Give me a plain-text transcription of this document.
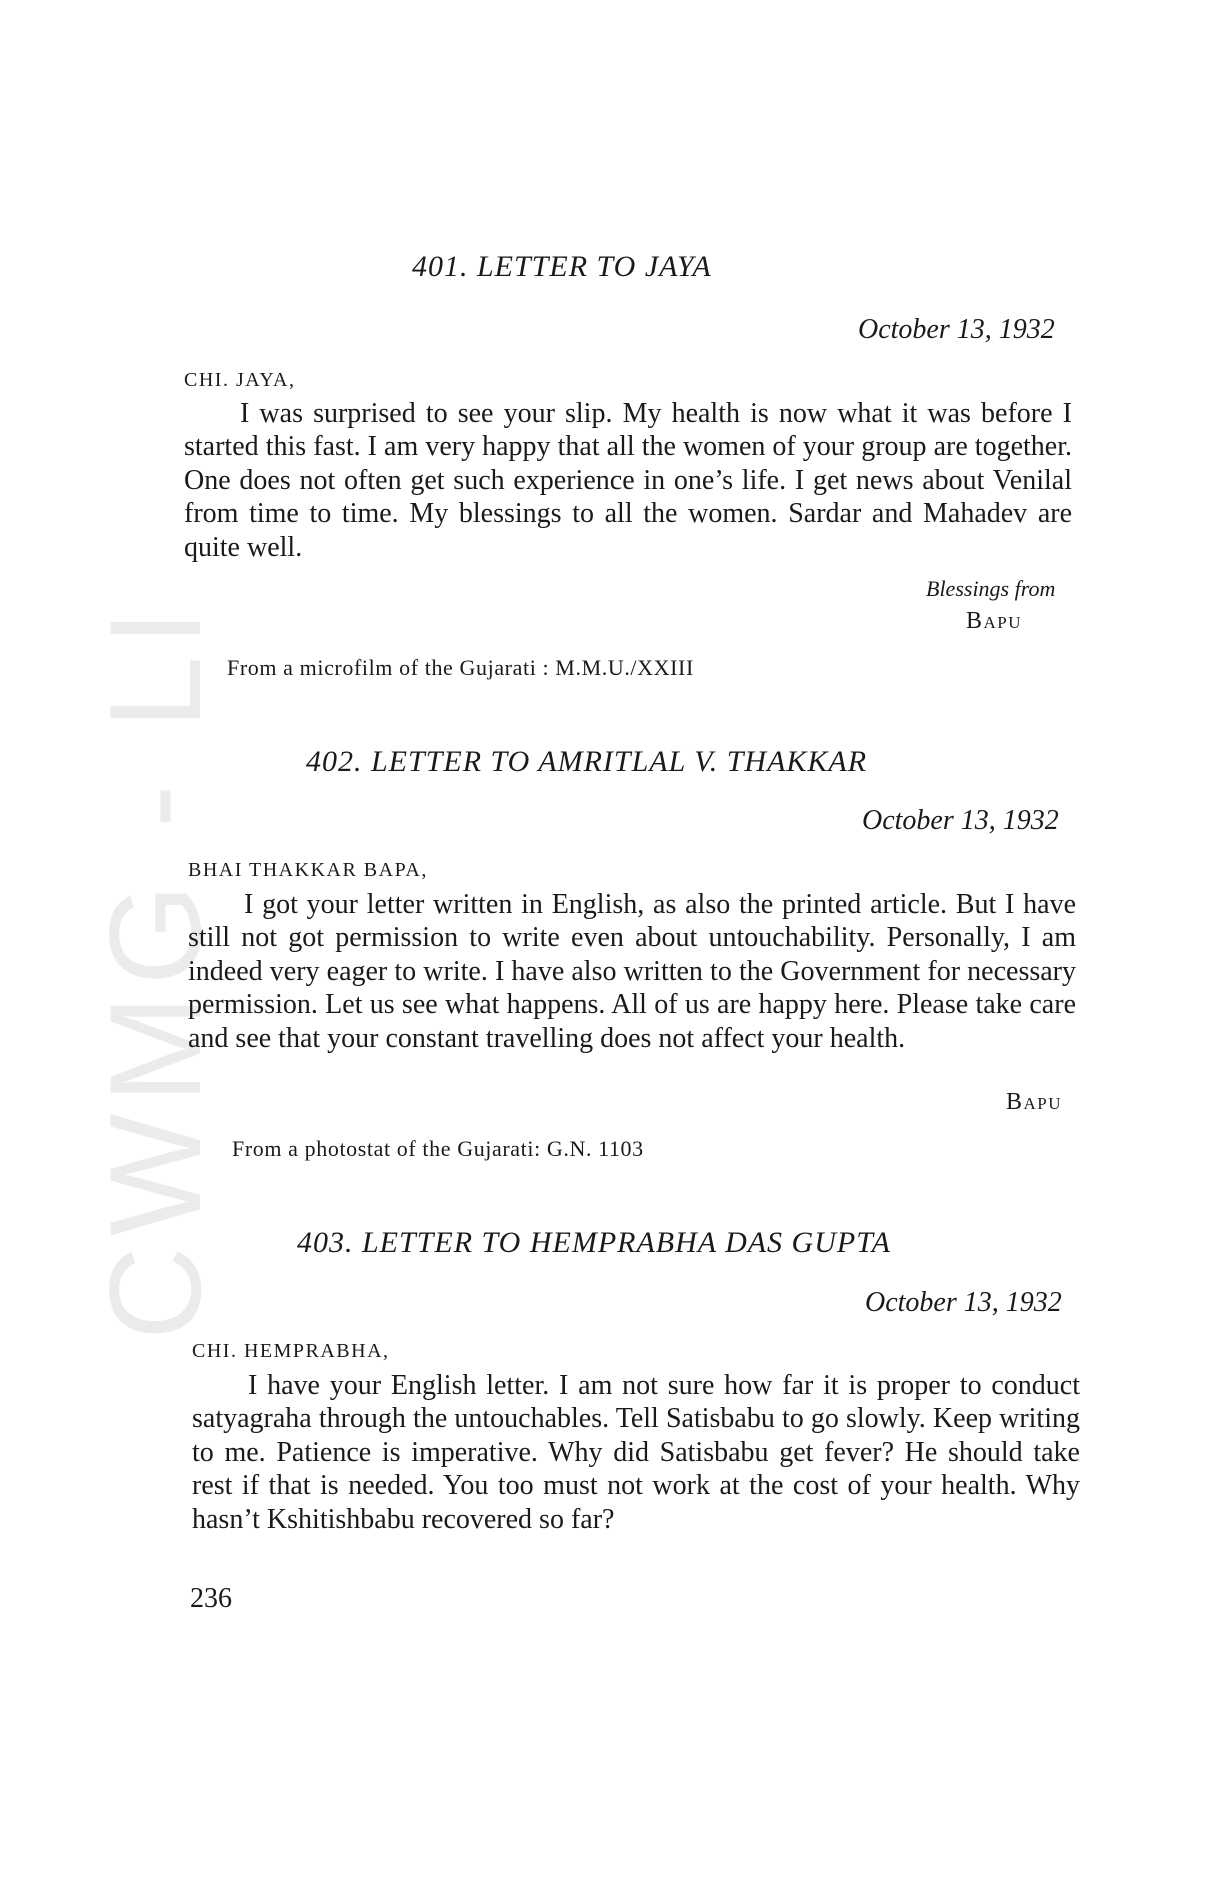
CWMG - LI
401. LETTER TO JAYA
October 13, 1932
CHI. JAYA,

I was surprised to see your slip. My health is now what it was before I started this fast. I am very happy that all the women of your group are together. One does not often get such experience in one’s life. I get news about Venilal from time to time. My blessings to all the women. Sardar and Mahadev are quite well.

Blessings from
Bapu
From a microfilm of the Gujarati : M.M.U./XXIII
402. LETTER TO AMRITLAL V. THAKKAR
October 13, 1932
BHAI THAKKAR BAPA,

I got your letter written in English, as also the printed article. But I have still not got permission to write even about untouchability. Personally, I am indeed very eager to write. I have also written to the Government for necessary permission. Let us see what happens. All of us are happy here. Please take care and see that your constant travelling does not affect your health.

Bapu
From a photostat of the Gujarati: G.N. 1103
403. LETTER TO HEMPRABHA DAS GUPTA
October 13, 1932
CHI. HEMPRABHA,

I have your English letter. I am not sure how far it is proper to conduct satyagraha through the untouchables. Tell Satisbabu to go slowly. Keep writing to me. Patience is imperative. Why did Satisbabu get fever? He should take rest if that is needed. You too must not work at the cost of your health. Why hasn’t Kshitishbabu recovered so far?

236
